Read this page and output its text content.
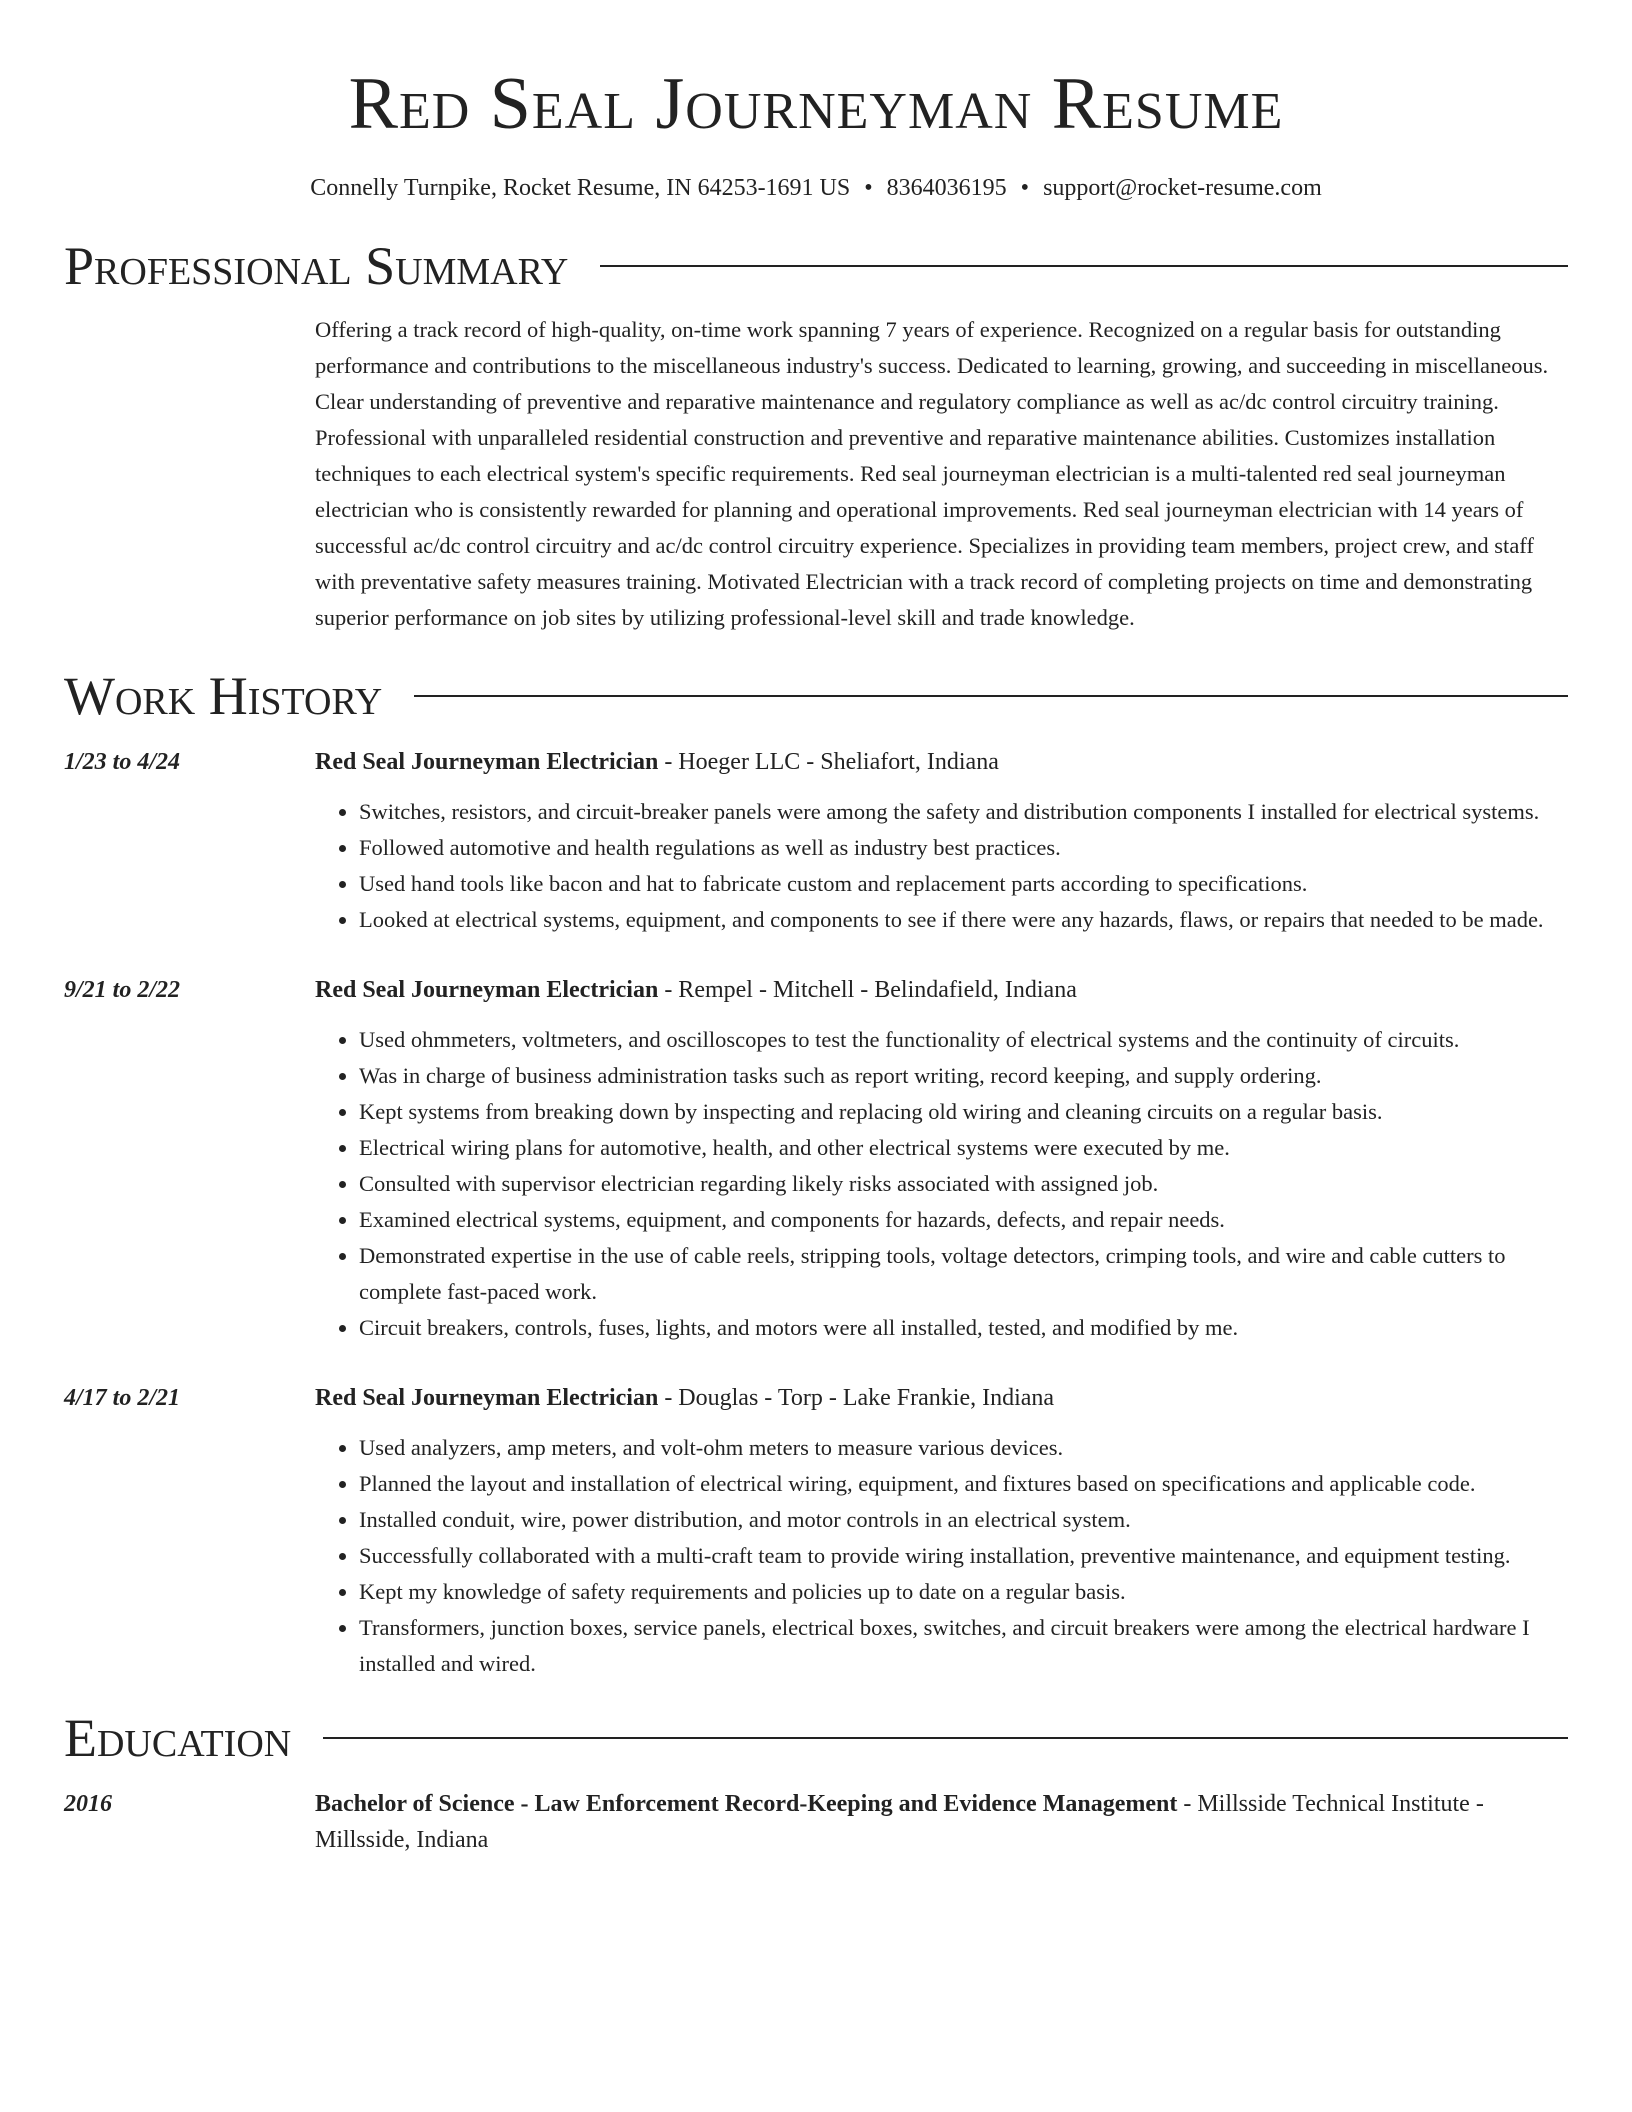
Red Seal Journeyman Resume
Connelly Turnpike, Rocket Resume, IN 64253-1691 US • 8364036195 • support@rocket-resume.com
Professional Summary
Offering a track record of high-quality, on-time work spanning 7 years of experience. Recognized on a regular basis for outstanding performance and contributions to the miscellaneous industry's success. Dedicated to learning, growing, and succeeding in miscellaneous. Clear understanding of preventive and reparative maintenance and regulatory compliance as well as ac/dc control circuitry training. Professional with unparalleled residential construction and preventive and reparative maintenance abilities. Customizes installation techniques to each electrical system's specific requirements. Red seal journeyman electrician is a multi-talented red seal journeyman electrician who is consistently rewarded for planning and operational improvements. Red seal journeyman electrician with 14 years of successful ac/dc control circuitry and ac/dc control circuitry experience. Specializes in providing team members, project crew, and staff with preventative safety measures training. Motivated Electrician with a track record of completing projects on time and demonstrating superior performance on job sites by utilizing professional-level skill and trade knowledge.
Work History
1/23 to 4/24	Red Seal Journeyman Electrician - Hoeger LLC - Sheliafort, Indiana
• Switches, resistors, and circuit-breaker panels were among the safety and distribution components I installed for electrical systems.
• Followed automotive and health regulations as well as industry best practices.
• Used hand tools like bacon and hat to fabricate custom and replacement parts according to specifications.
• Looked at electrical systems, equipment, and components to see if there were any hazards, flaws, or repairs that needed to be made.
9/21 to 2/22	Red Seal Journeyman Electrician - Rempel - Mitchell - Belindafield, Indiana
• Used ohmmeters, voltmeters, and oscilloscopes to test the functionality of electrical systems and the continuity of circuits.
• Was in charge of business administration tasks such as report writing, record keeping, and supply ordering.
• Kept systems from breaking down by inspecting and replacing old wiring and cleaning circuits on a regular basis.
• Electrical wiring plans for automotive, health, and other electrical systems were executed by me.
• Consulted with supervisor electrician regarding likely risks associated with assigned job.
• Examined electrical systems, equipment, and components for hazards, defects, and repair needs.
• Demonstrated expertise in the use of cable reels, stripping tools, voltage detectors, crimping tools, and wire and cable cutters to complete fast-paced work.
• Circuit breakers, controls, fuses, lights, and motors were all installed, tested, and modified by me.
4/17 to 2/21	Red Seal Journeyman Electrician - Douglas - Torp - Lake Frankie, Indiana
• Used analyzers, amp meters, and volt-ohm meters to measure various devices.
• Planned the layout and installation of electrical wiring, equipment, and fixtures based on specifications and applicable code.
• Installed conduit, wire, power distribution, and motor controls in an electrical system.
• Successfully collaborated with a multi-craft team to provide wiring installation, preventive maintenance, and equipment testing.
• Kept my knowledge of safety requirements and policies up to date on a regular basis.
• Transformers, junction boxes, service panels, electrical boxes, switches, and circuit breakers were among the electrical hardware I installed and wired.
Education
2016	Bachelor of Science - Law Enforcement Record-Keeping and Evidence Management - Millsside Technical Institute - Millsside, Indiana
